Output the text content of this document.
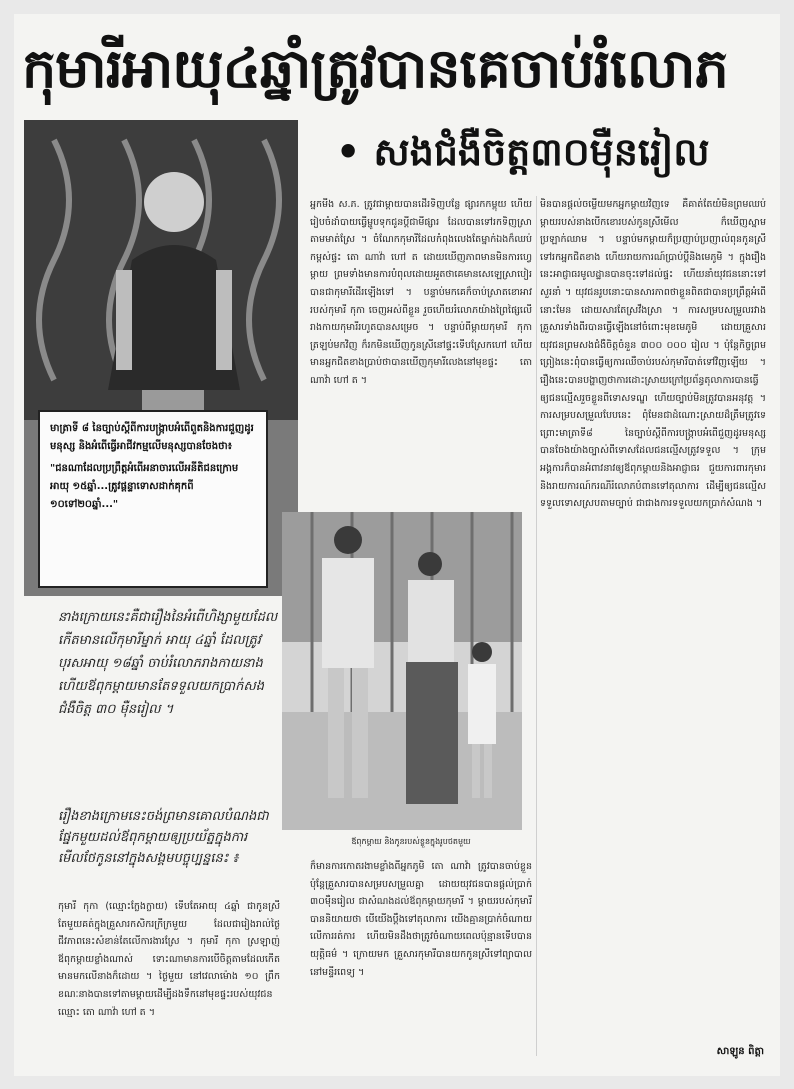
កុមារីអាយុ៤ឆ្នាំត្រូវបានគេចាប់រំលោភ
• សងជំងឺចិត្ត៣០ម៉ឺនរៀល
មាត្រាទី ៨ នៃច្បាប់ស្តីពីការបង្ក្រាបអំពើពួតនិងការជួញដូរមនុស្ស និងអំពើធ្វើអាជីវកម្មលើមនុស្សបានចែងថា៖
"ជនណាដែលប្រព្រឹត្តអំពើអនាចារលើអនីតិជនក្រោមអាយុ ១៥ឆ្នាំ...ត្រូវផ្តន្ទាទោសដាក់គុកពី ១០ទៅ២០ឆ្នាំ..."
ឪពុកម្តាយ និងកូនរបស់ខ្លួនក្នុងរូបថតមួយ
នាងក្រោយនេះគឺជារឿងនៃអំពើហិង្សាមួយដែលកើតមានលើកុមារីម្នាក់ អាយុ ៤ឆ្នាំ ដែលត្រូវបុរសអាយុ ១៨ឆ្នាំ ចាប់រំលោភរាងកាយនាង ហើយឪពុកម្តាយមានតែទទួលយកប្រាក់សងជំងឺចិត្ត ៣០ ម៉ឺនរៀល ។
រឿងខាងក្រោមនេះចង់ព្រមានគោលបំណងជាផ្នែកមួយដល់ឪពុកម្តាយឲ្យប្រយ័ត្នក្នុងការមើលថែកូននៅក្នុងសង្គមបច្ចុប្បន្ននេះ ៖
កុមារី កុកា (ឈ្មោះក្លែងក្លាយ) ទើបតែអាយុ ៤ឆ្នាំ ជាកូនស្រីតែមួយគត់ក្នុងគ្រួសារកសិករក្រីក្រមួយ ដែលជារៀងរាល់ថ្ងៃជីវភាពនេះសំខាន់តែលើការងារស្រែ ។ កុមារី កុកា ស្រឡាញ់ឪពុកម្តាយខ្លាំងណាស់ ទោះណាមានការបើចិត្តតាមដែលកើតមានមកលើនាងក៏ដោយ ។ ថ្ងៃមួយ នៅវេលាម៉ោង ១០ ព្រឹក ខណៈនាងបានទៅតាមម្តាយដើម្បីដងទឹកនៅមុខផ្ទះរបស់យុវជនឈ្មោះ តោ ណាវ៉ា ហៅ ត ។
អ្នកមីង ស.ភ. ត្រូវជាម្តាយបានដើរទិញបន្លែ ផ្សារកកម្ពុយ ហើយរៀបចំដាំបាយធ្វើម្ហូបទុកជូនប្តីជាមីផ្សារ ដែលបានទៅរកទិញស្រាតាមមាត់ស្រែ ។ ចំណែកកុមារីដែលកំពុងលេងតែម្នាក់ឯងក៏ឈប់កម្ពស់ផ្ទះ តោ ណាវ៉ា ហៅ ត ដោយឃើញភាពមានមិនការហ្វេម្តាយ ព្រមទាំងមានការបំពុលដោយអួតថាគេមានសេឡេស្រាបៀរ បានជាកុមារីដើរឡើងទៅ ។ បន្ទាប់មកគេក៏ចាប់ស្រាតខោអាវរបស់កុមារី កុកា ចេញអស់ពីខ្លួន រួចហើយរំលោភយ៉ាងព្រៃផ្សៃលើរាងកាយកុមារីរហូតបានសម្រេច ។ បន្ទាប់ពីម្តាយកុមារី កុកា ត្រឡប់មកវិញ ក៏រកមិនឃើញកូនស្រីនៅផ្ទះទើបស្រែកហៅ ហើយមានអ្នកជិតខាងប្រាប់ថាបានឃើញកុមារីលេងនៅមុខផ្ទះ តោ ណាវ៉ា ហៅ ត ។
ក៏មានការកោតរងាមខ្លាំងពីអ្នកភូមិ តោ ណាវ៉ា ត្រូវបានចាប់ខ្លួន ប៉ុន្តែគ្រួសារបានសម្របសម្រួលគ្នា ដោយយុវជនបានផ្តល់ប្រាក់ ៣០ម៉ឺនរៀល ជាសំណងដល់ឪពុកម្តាយកុមារី ។ ម្តាយរបស់កុមារីបាននិយាយថា បើយើងប្តឹងទៅតុលាការ យើងគ្មានប្រាក់ចំណាយលើការរត់ការ ហើយមិនដឹងថាត្រូវចំណាយពេលប៉ុន្មានទើបបានយុត្តិធម៌ ។ ក្រោយមក គ្រួសារកុមារីបានយកកូនស្រីទៅព្យាបាលនៅមន្ទីរពេទ្យ ។
មិនបានផ្តល់ចម្លើយមកអ្នកម្តាយវិញទេ គឺគាត់តែយំមិនព្រមឈប់ ម្តាយរបស់នាងបើកខោរបស់កូនស្រីមើល ក៏ឃើញស្នាមប្រឡាក់ឈាម ។ បន្ទាប់មកម្តាយក៏ប្រញាប់ប្រញាល់ពុនកូនស្រីទៅរកអ្នកជិតខាង ហើយរាយការណ៍ប្រាប់ប្តីនិងមេភូមិ ។ ក្នុងរឿងនេះអាជ្ញាធរមូលដ្ឋានបានចុះទៅដល់ផ្ទះ ហើយនាំយុវជននោះទៅសួរនាំ ។ យុវជនរូបនោះបានសារភាពថាខ្លួនពិតជាបានប្រព្រឹត្តអំពើនោះមែន ដោយសារតែស្រវឹងស្រា ។ ការសម្របសម្រួលរវាងគ្រួសារទាំងពីរបានធ្វើឡើងនៅចំពោះមុខមេភូមិ ដោយគ្រួសារយុវជនព្រមសងជំងឺចិត្តចំនួន ៣០០ ០០០ រៀល ។ ប៉ុន្តែកិច្ចព្រមព្រៀងនេះពុំបានធ្វើឲ្យការឈឺចាប់របស់កុមារីបាត់ទៅវិញឡើយ ។ រឿងនេះបានបង្ហាញថាការដោះស្រាយក្រៅប្រព័ន្ធតុលាការបានធ្វើឲ្យជនល្មើសរួចខ្លួនពីទោសទណ្ឌ ហើយច្បាប់មិនត្រូវបានអនុវត្ត ។ ការសម្របសម្រួលបែបនេះ ពុំមែនជាដំណោះស្រាយដ៏ត្រឹមត្រូវទេ ព្រោះមាត្រាទី៨ នៃច្បាប់ស្តីពីការបង្ក្រាបអំពើជួញដូរមនុស្ស បានចែងយ៉ាងច្បាស់ពីទោសដែលជនល្មើសត្រូវទទួល ។ ក្រុមអង្គការក៏បានអំពាវនាវឲ្យឪពុកម្តាយនិងអាជ្ញាធរ ជួយការពារកុមារ និងរាយការណ៍ករណីរំលោភបំពានទៅតុលាការ ដើម្បីឲ្យជនល្មើសទទួលទោសស្របតាមច្បាប់ ជាជាងការទទួលយកប្រាក់សំណង ។
សាឡូន ពិត្ដា
